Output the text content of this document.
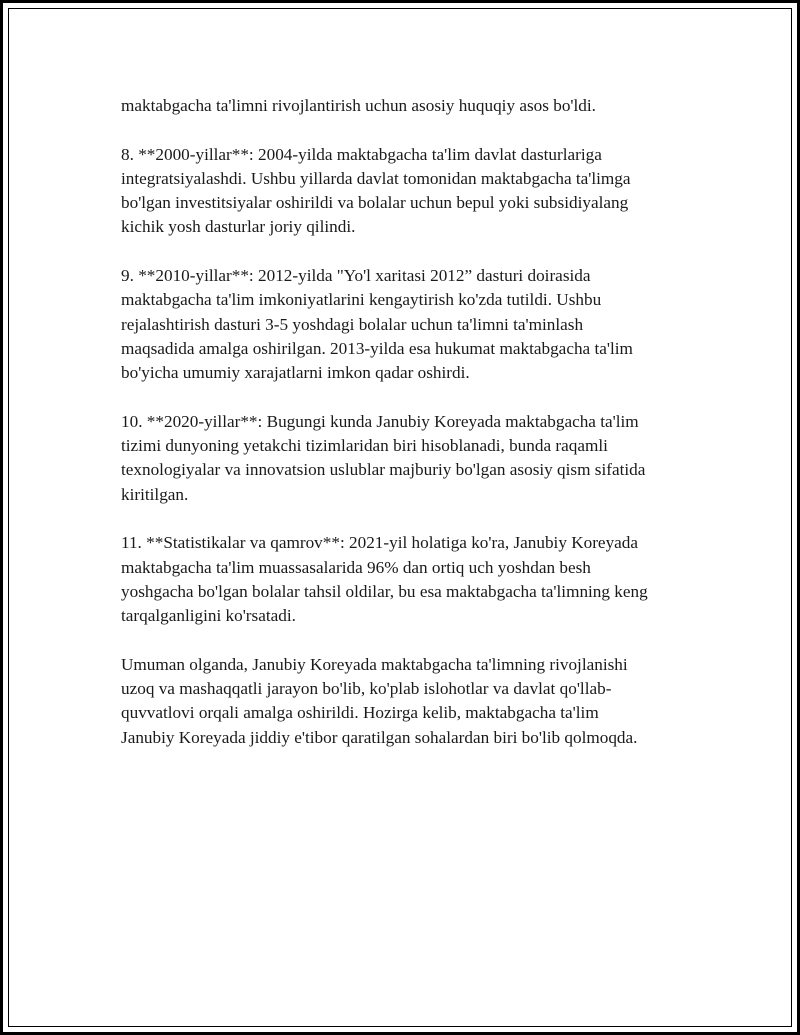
maktabgacha ta'limni rivojlantirish uchun asosiy huquqiy asos bo'ldi.

8. **2000-yillar**: 2004-yilda maktabgacha ta'lim davlat dasturlariga
integratsiyalashdi. Ushbu yillarda davlat tomonidan maktabgacha ta'limga
bo'lgan investitsiyalar oshirildi va bolalar uchun bepul yoki subsidiyalang
kichik yosh dasturlar joriy qilindi.

9. **2010-yillar**: 2012-yilda "Yo'l xaritasi 2012” dasturi doirasida
maktabgacha ta'lim imkoniyatlarini kengaytirish ko'zda tutildi. Ushbu
rejalashtirish dasturi 3-5 yoshdagi bolalar uchun ta'limni ta'minlash
maqsadida amalga oshirilgan. 2013-yilda esa hukumat maktabgacha ta'lim
bo'yicha umumiy xarajatlarni imkon qadar oshirdi.

10. **2020-yillar**: Bugungi kunda Janubiy Koreyada maktabgacha ta'lim
tizimi dunyoning yetakchi tizimlaridan biri hisoblanadi, bunda raqamli
texnologiyalar va innovatsion uslublar majburiy bo'lgan asosiy qism sifatida
kiritilgan.

11. **Statistikalar va qamrov**: 2021-yil holatiga ko'ra, Janubiy Koreyada
maktabgacha ta'lim muassasalarida 96% dan ortiq uch yoshdan besh
yoshgacha bo'lgan bolalar tahsil oldilar, bu esa maktabgacha ta'limning keng
tarqalganligini ko'rsatadi.

Umuman olganda, Janubiy Koreyada maktabgacha ta'limning rivojlanishi
uzoq va mashaqqatli jarayon bo'lib, ko'plab islohotlar va davlat qo'llab-
quvvatlovi orqali amalga oshirildi. Hozirga kelib, maktabgacha ta'lim
Janubiy Koreyada jiddiy e'tibor qaratilgan sohalardan biri bo'lib qolmoqda.
